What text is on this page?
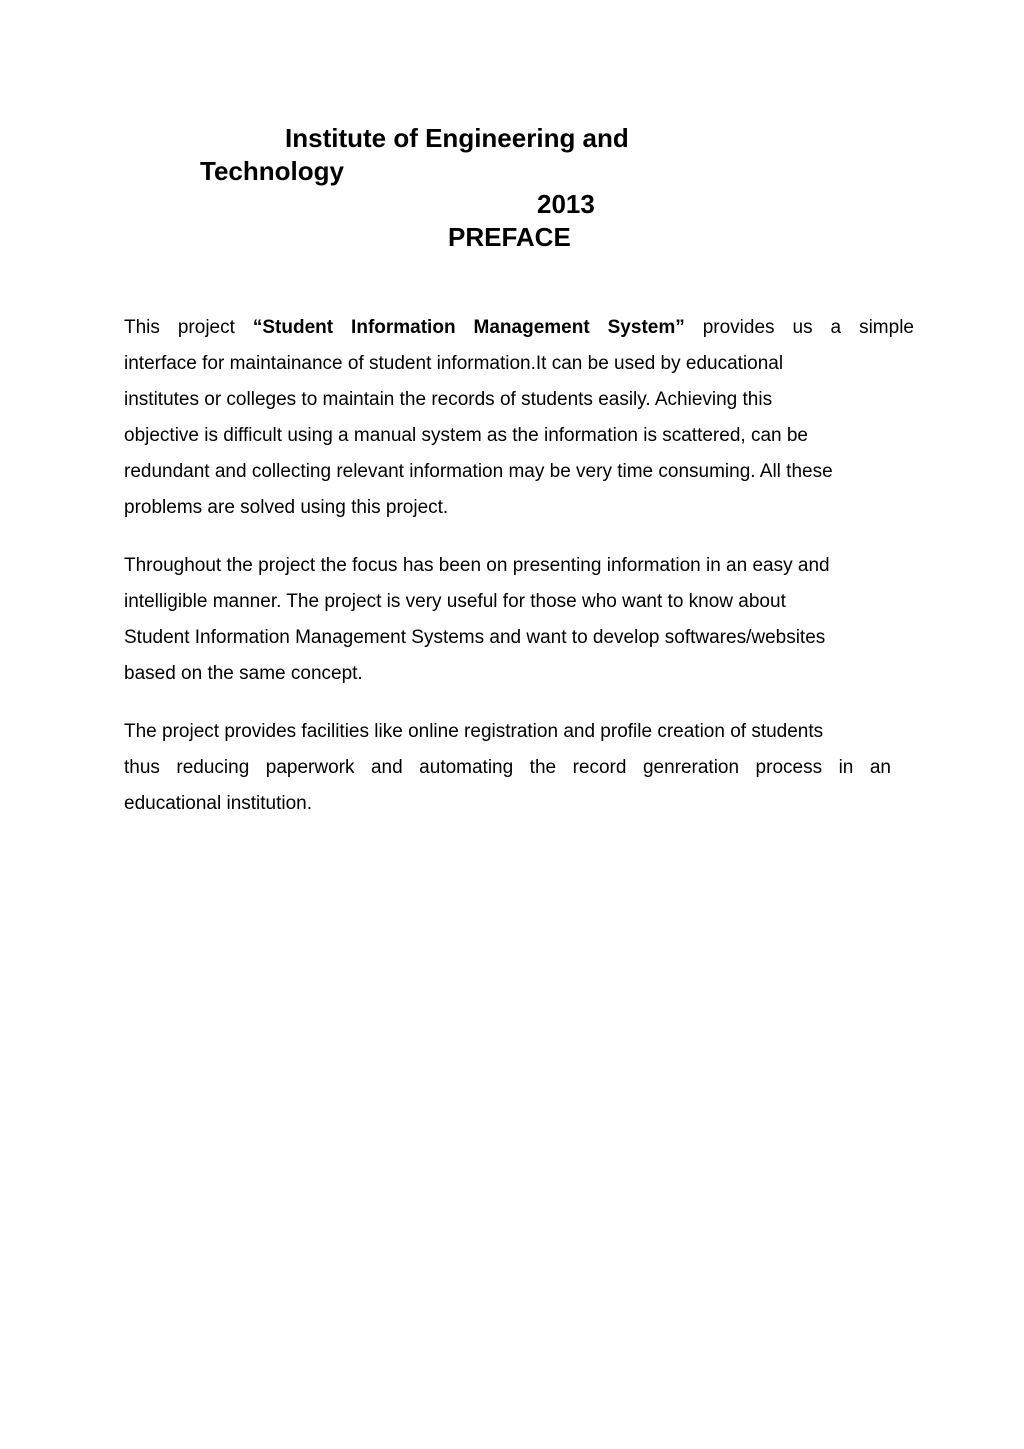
Institute of Engineering and
Technology
2013
PREFACE
This project “Student Information Management System” provides us a simple
interface for maintainance of student information.It can be used by educational
institutes or colleges to maintain the records of students easily. Achieving this
objective is difficult using a manual system as the information is scattered, can be
redundant and collecting relevant information may be very time consuming. All these
problems are solved using this project.
Throughout the project the focus has been on presenting information in an easy and
intelligible manner. The project is very useful for those who want to know about
Student Information Management Systems and want to develop softwares/websites
based on the same concept.
The project provides facilities like online registration and profile creation of students
thus reducing paperwork and automating the record genreration process in an
educational institution.
